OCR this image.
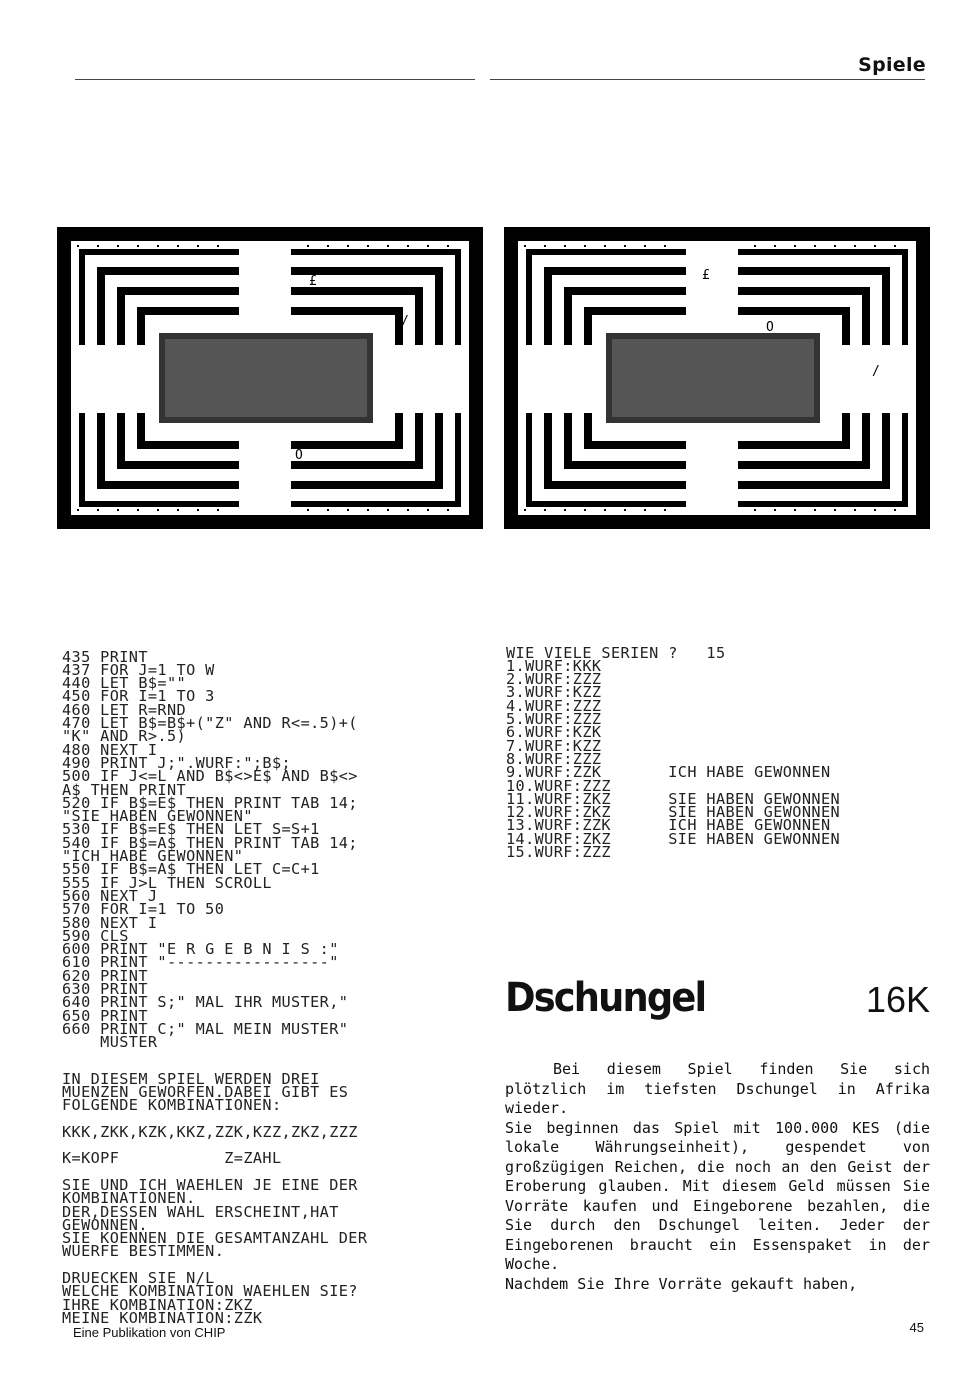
Spiele
£
/
O
£
O
/
O

435 PRINT
437 FOR J=1 TO W
440 LET B$=""
450 FOR I=1 TO 3
460 LET R=RND
470 LET B$=B$+("Z" AND R<=.5)+(
"K" AND R>.5)
480 NEXT I
490 PRINT J;".WURF:";B$;
500 IF J<=L AND B$<>E$ AND B$<>
A$ THEN PRINT
520 IF B$=E$ THEN PRINT TAB 14;
"SIE HABEN GEWONNEN"
530 IF B$=E$ THEN LET S=S+1
540 IF B$=A$ THEN PRINT TAB 14;
"ICH HABE GEWONNEN"
550 IF B$=A$ THEN LET C=C+1
555 IF J>L THEN SCROLL
560 NEXT J
570 FOR I=1 TO 50
580 NEXT I
590 CLS
600 PRINT "E R G E B N I S :"
610 PRINT "-----------------"
620 PRINT
630 PRINT
640 PRINT S;" MAL IHR MUSTER,"
650 PRINT
660 PRINT C;" MAL MEIN MUSTER"
MUSTER

IN DIESEM SPIEL WERDEN DREI
MUENZEN GEWORFEN.DABEI GIBT ES
FOLGENDE KOMBINATIONEN:
KKK,ZKK,KZK,KKZ,ZZK,KZZ,ZKZ,ZZZ
K=KOPF           Z=ZAHL
SIE UND ICH WAEHLEN JE EINE DER
KOMBINATIONEN.
DER,DESSEN WAHL ERSCHEINT,HAT
GEWONNEN.
SIE KOENNEN DIE GESAMTANZAHL DER
WUERFE BESTIMMEN.
DRUECKEN SIE N/L
WELCHE KOMBINATION WAEHLEN SIE?
IHRE KOMBINATION:ZKZ
MEINE KOMBINATION:ZZK

WIE VIELE SERIEN ?   15
1.WURF:KKK
2.WURF:ZZZ
3.WURF:KZZ
4.WURF:ZZZ
5.WURF:ZZZ
6.WURF:KZK
7.WURF:KZZ
8.WURF:ZZZ
9.WURF:ZZK       ICH HABE GEWONNEN
10.WURF:ZZZ
11.WURF:ZKZ      SIE HABEN GEWONNEN
12.WURF:ZKZ      SIE HABEN GEWONNEN
13.WURF:ZZK      ICH HABE GEWONNEN
14.WURF:ZKZ      SIE HABEN GEWONNEN
15.WURF:ZZZ

Dschungel	16K

Bei diesem Spiel finden Sie sich plötzlich im tiefsten Dschungel in Afrika wieder.

Sie beginnen das Spiel mit 100.000 KES (die lokale Währungseinheit), gespendet von großzügigen Reichen, die noch an den Geist der Eroberung glauben. Mit diesem Geld müssen Sie Vorräte kaufen und Eingeborene bezahlen, die Sie durch den Dschungel leiten. Jeder der Eingeborenen braucht ein Essenspaket in der Woche.

Nachdem Sie Ihre Vorräte gekauft haben,

Eine Publikation von CHIP	45
